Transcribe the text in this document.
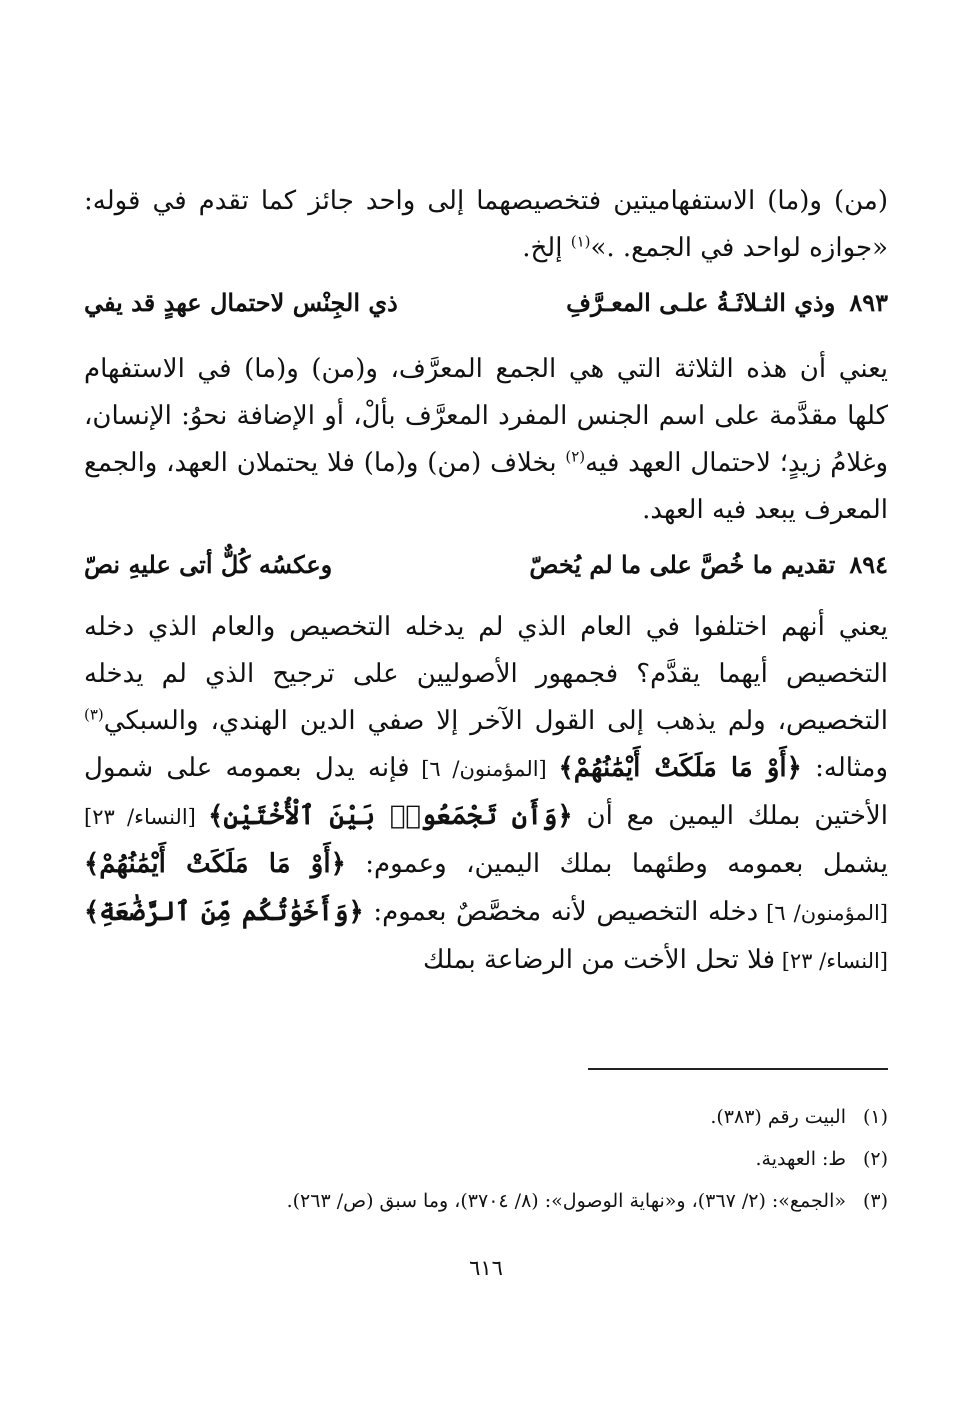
(من) و(ما) الاستفهاميتين فتخصيصهما إلى واحد جائز كما تقدم في قوله: «جوازه لواحد في الجمع. .»$^{(١)}$ إلخ.

٨٩٣
وذي الثـلاثَـةُ علـى المعـرَّفِ
ذي الجِنْس لاحتمال عهدٍ قد يفي

يعني أن هذه الثلاثة التي هي الجمع المعرَّف، و(من) و(ما) في الاستفهام كلها مقدَّمة على اسم الجنس المفرد المعرَّف بألْ، أو الإضافة نحوُ: الإنسان، وغلامُ زيدٍ؛ لاحتمال العهد فيه$^{(٢)}$ بخلاف (من) و(ما) فلا يحتملان العهد، والجمع المعرف يبعد فيه العهد.

٨٩٤
تقديم ما خُصَّ على ما لم يُخصّ
وعكسُه كُلٌّ أتى عليهِ نصّ

يعني أنهم اختلفوا في العام الذي لم يدخله التخصيص والعام الذي دخله التخصيص أيهما يقدَّم؟ فجمهور الأصوليين على ترجيح الذي لم يدخله التخصيص، ولم يذهب إلى القول الآخر إلا صفي الدين الهندي، والسبكي$^{(٣)}$ ومثاله: ﴿أَوْ مَا مَلَكَتْ أَيْمَٰنُهُمْ﴾ [المؤمنون/ ٦] فإنه يدل بعمومه على شمول الأختين بملك اليمين مع أن ﴿وَأَن تَجْمَعُوا۟ بَيْنَ ٱلْأُخْتَيْنِ﴾ [النساء/ ٢٣] يشمل بعمومه وطئهما بملك اليمين، وعموم: ﴿أَوْ مَا مَلَكَتْ أَيْمَٰنُهُمْ﴾ [المؤمنون/ ٦] دخله التخصيص لأنه مخصَّصٌ بعموم: ﴿وَأَخَوَٰتُكُم مِّنَ ٱلرَّضَٰعَةِ﴾ [النساء/ ٢٣] فلا تحل الأخت من الرضاعة بملك

(١)البيت رقم (٣٨٣).
(٢)ط: العهدية.
(٣)«الجمع»: (٢/ ٣٦٧)، و«نهاية الوصول»: (٨/ ٣٧٠٤)، وما سبق (ص/ ٢٦٣).
٦١٦
